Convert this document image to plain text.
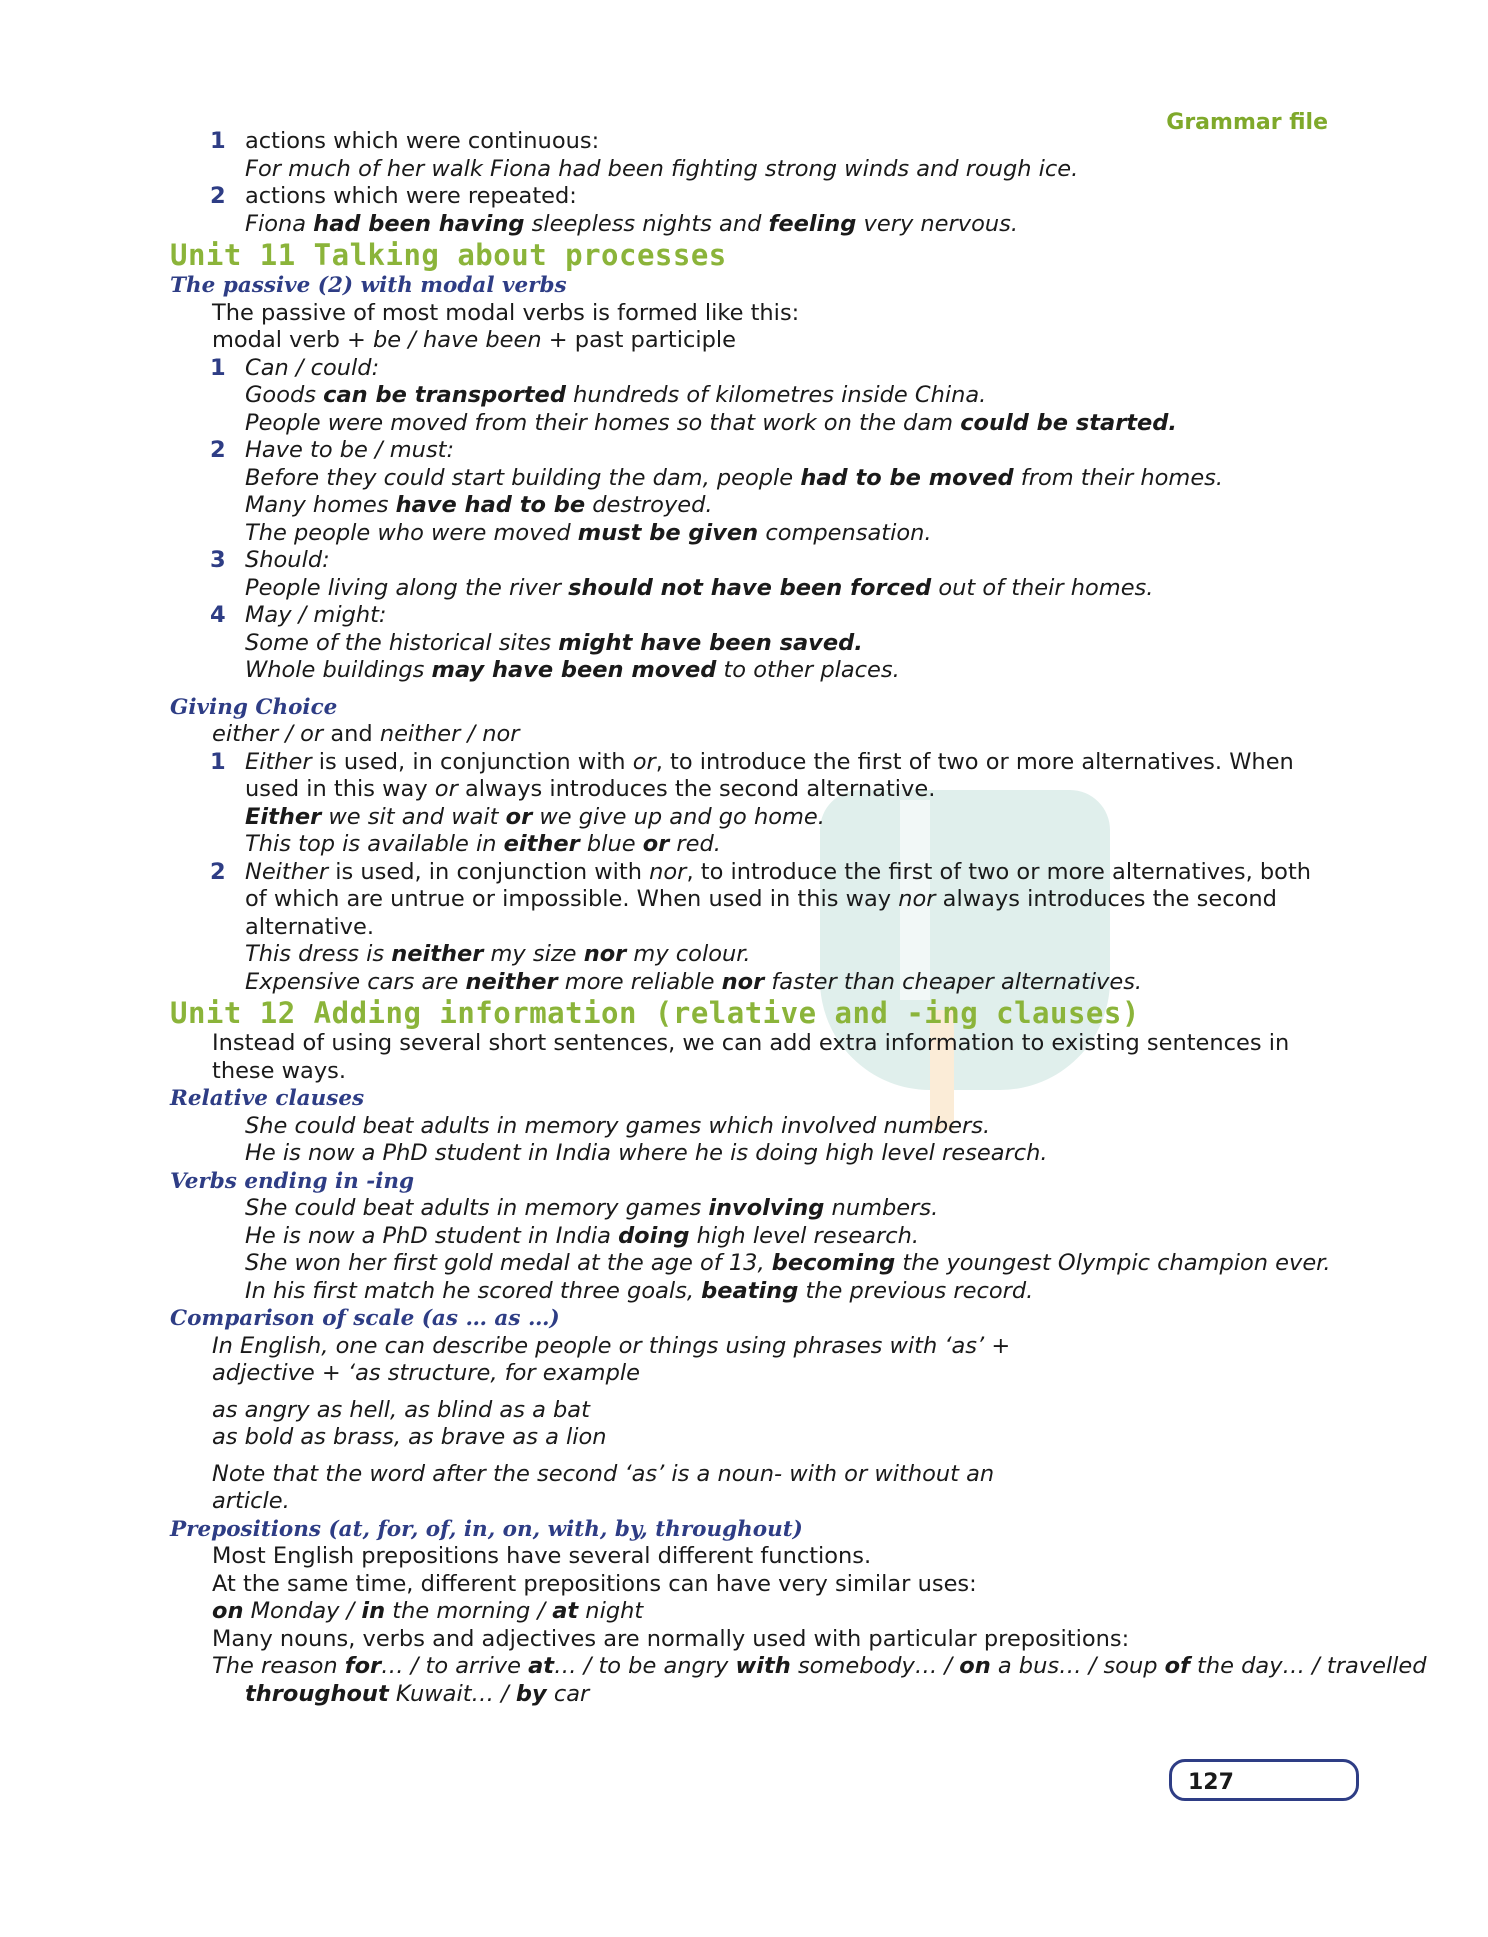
Grammar file
1 actions which were continuous:
For much of her walk Fiona had been fighting strong winds and rough ice.
2 actions which were repeated:
Fiona had been having sleepless nights and feeling very nervous.
Unit 11 Talking about processes
The passive (2) with modal verbs
The passive of most modal verbs is formed like this:
modal verb + be / have been + past participle
1 Can / could:
Goods can be transported hundreds of kilometres inside China.
People were moved from their homes so that work on the dam could be started.
2 Have to be / must:
Before they could start building the dam, people had to be moved from their homes.
Many homes have had to be destroyed.
The people who were moved must be given compensation.
3 Should:
People living along the river should not have been forced out of their homes.
4 May / might:
Some of the historical sites might have been saved.
Whole buildings may have been moved to other places.
Giving Choice
either / or and neither / nor
1 Either is used, in conjunction with or, to introduce the first of two or more alternatives. When
used in this way or always introduces the second alternative.
Either we sit and wait or we give up and go home.
This top is available in either blue or red.
2 Neither is used, in conjunction with nor, to introduce the first of two or more alternatives, both
of which are untrue or impossible. When used in this way nor always introduces the second
alternative.
This dress is neither my size nor my colour.
Expensive cars are neither more reliable nor faster than cheaper alternatives.
Unit 12 Adding information (relative and -ing clauses)
Instead of using several short sentences, we can add extra information to existing sentences in
these ways.
Relative clauses
She could beat adults in memory games which involved numbers.
He is now a PhD student in India where he is doing high level research.
Verbs ending in -ing
She could beat adults in memory games involving numbers.
He is now a PhD student in India doing high level research.
She won her first gold medal at the age of 13, becoming the youngest Olympic champion ever.
In his first match he scored three goals, beating the previous record.
Comparison of scale (as … as …)
In English, one can describe people or things using phrases with ‘as’ +
adjective + ‘as structure, for example
as angry as hell, as blind as a bat
as bold as brass, as brave as a lion
Note that the word after the second ‘as’ is a noun- with or without an
article.
Prepositions (at, for, of, in, on, with, by, throughout)
Most English prepositions have several different functions.
At the same time, different prepositions can have very similar uses:
on Monday / in the morning / at night
Many nouns, verbs and adjectives are normally used with particular prepositions:
The reason for… / to arrive at… / to be angry with somebody… / on a bus… / soup of the day… / travelled
throughout Kuwait… / by car
127
